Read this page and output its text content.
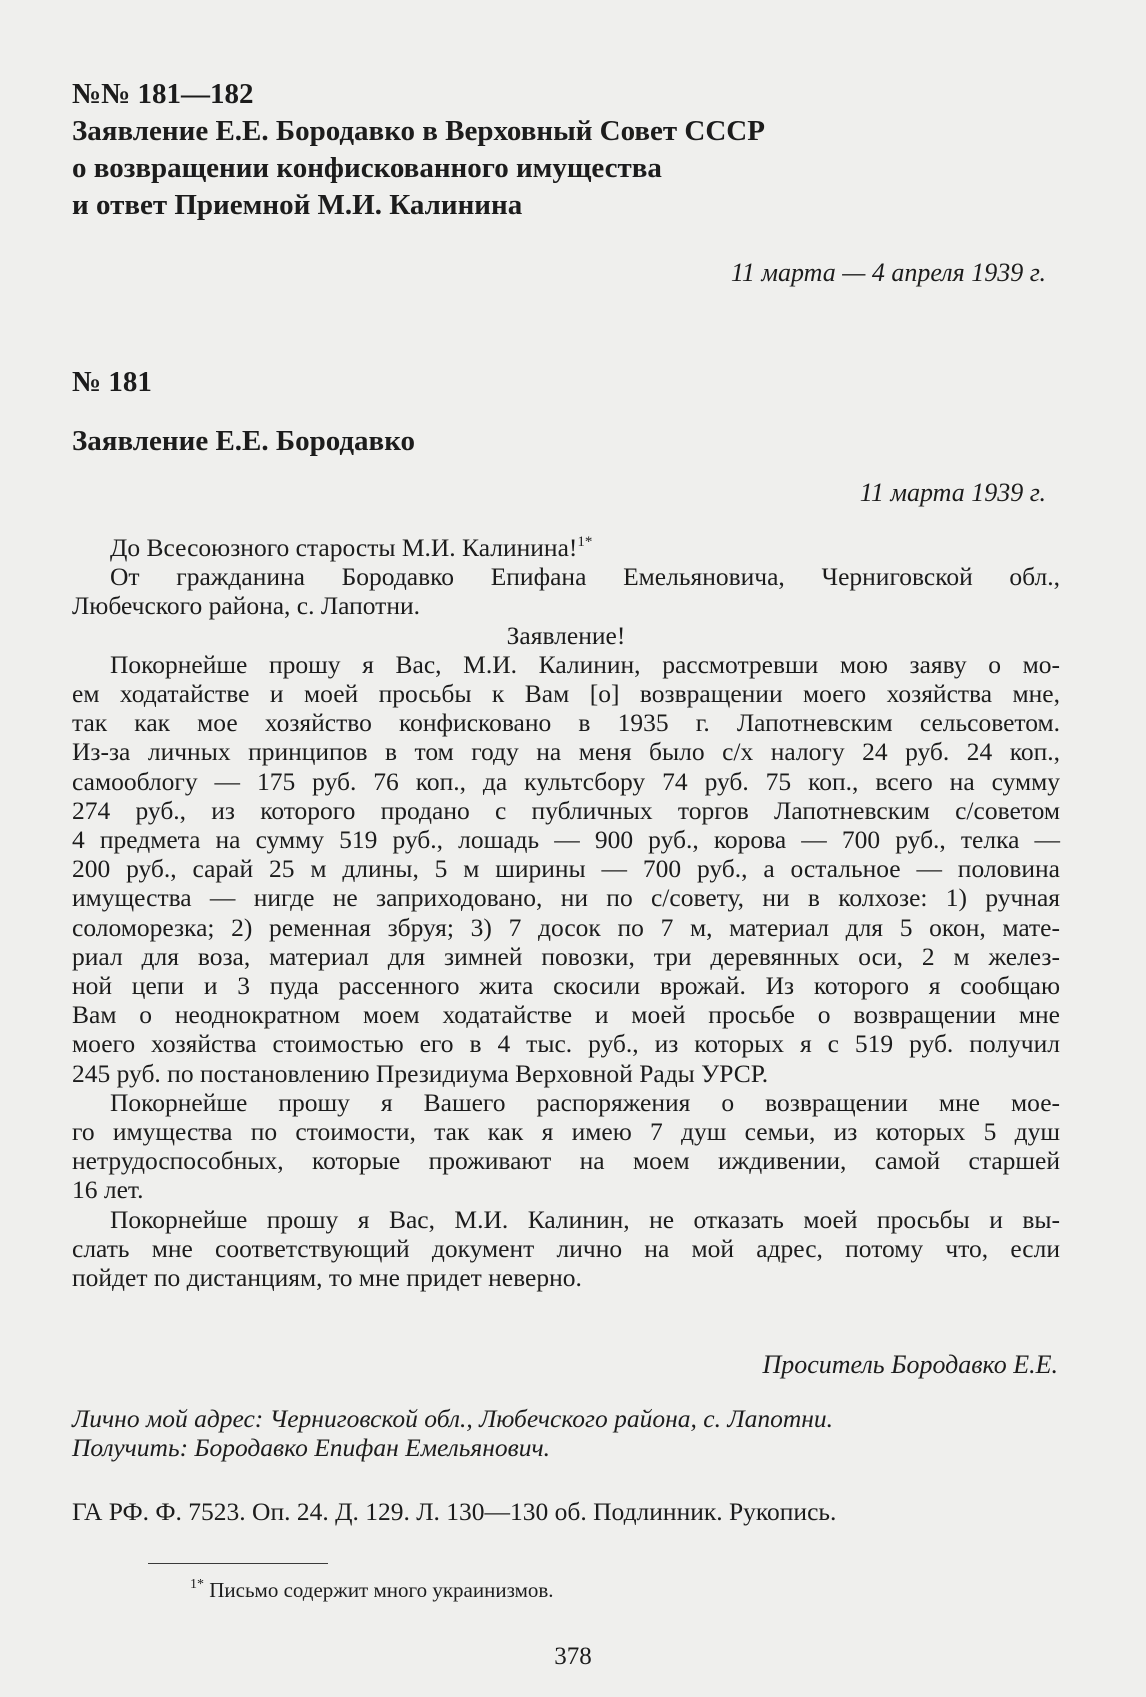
№№ 181—182

Заявление Е.Е. Бородавко в Верховный Совет СССР
о возвращении конфискованного имущества
и ответ Приемной М.И. Калинина

11 марта — 4 апреля 1939 г.

№ 181

Заявление Е.Е. Бородавко

11 марта 1939 г.
До Всесоюзного старосты М.И. Калинина!$^{1*}$
От гражданина Бородавко Епифана Емельяновича, Черниговской обл.,
Любечского района, с. Лапотни.
Заявление!
Покорнейше прошу я Вас, М.И. Калинин, рассмотревши мою заяву о мо-
ем ходатайстве и моей просьбы к Вам [о] возвращении моего хозяйства мне,
так как мое хозяйство конфисковано в 1935 г. Лапотневским сельсоветом.
Из-за личных принципов в том году на меня было с/х налогу 24 руб. 24 коп.,
самооблогу — 175 руб. 76 коп., да культсбору 74 руб. 75 коп., всего на сумму
274 руб., из которого продано с публичных торгов Лапотневским с/советом
4 предмета на сумму 519 руб., лошадь — 900 руб., корова — 700 руб., телка —
200 руб., сарай 25 м длины, 5 м ширины — 700 руб., а остальное — половина
имущества — нигде не заприходовано, ни по с/совету, ни в колхозе: 1) ручная
соломорезка; 2) ременная збруя; 3) 7 досок по 7 м, материал для 5 окон, мате-
риал для воза, материал для зимней повозки, три деревянных оси, 2 м желез-
ной цепи и 3 пуда рассенного жита скосили врожай. Из которого я сообщаю
Вам о неоднократном моем ходатайстве и моей просьбе о возвращении мне
моего хозяйства стоимостью его в 4 тыс. руб., из которых я с 519 руб. получил
245 руб. по постановлению Президиума Верховной Рады УРСР.
Покорнейше прошу я Вашего распоряжения о возвращении мне мое-
го имущества по стоимости, так как я имею 7 душ семьи, из которых 5 душ
нетрудоспособных, которые проживают на моем иждивении, самой старшей
16 лет.
Покорнейше прошу я Вас, М.И. Калинин, не отказать моей просьбы и вы-
слать мне соответствующий документ лично на мой адрес, потому что, если
пойдет по дистанциям, то мне придет неверно.
Проситель Бородавко Е.Е.
Лично мой адрес: Черниговской обл., Любечского района, с. Лапотни.
Получить: Бородавко Епифан Емельянович.
ГА РФ. Ф. 7523. Оп. 24. Д. 129. Л. 130—130 об. Подлинник. Рукопись.
$^{1*}$ Письмо содержит много украинизмов.
378
